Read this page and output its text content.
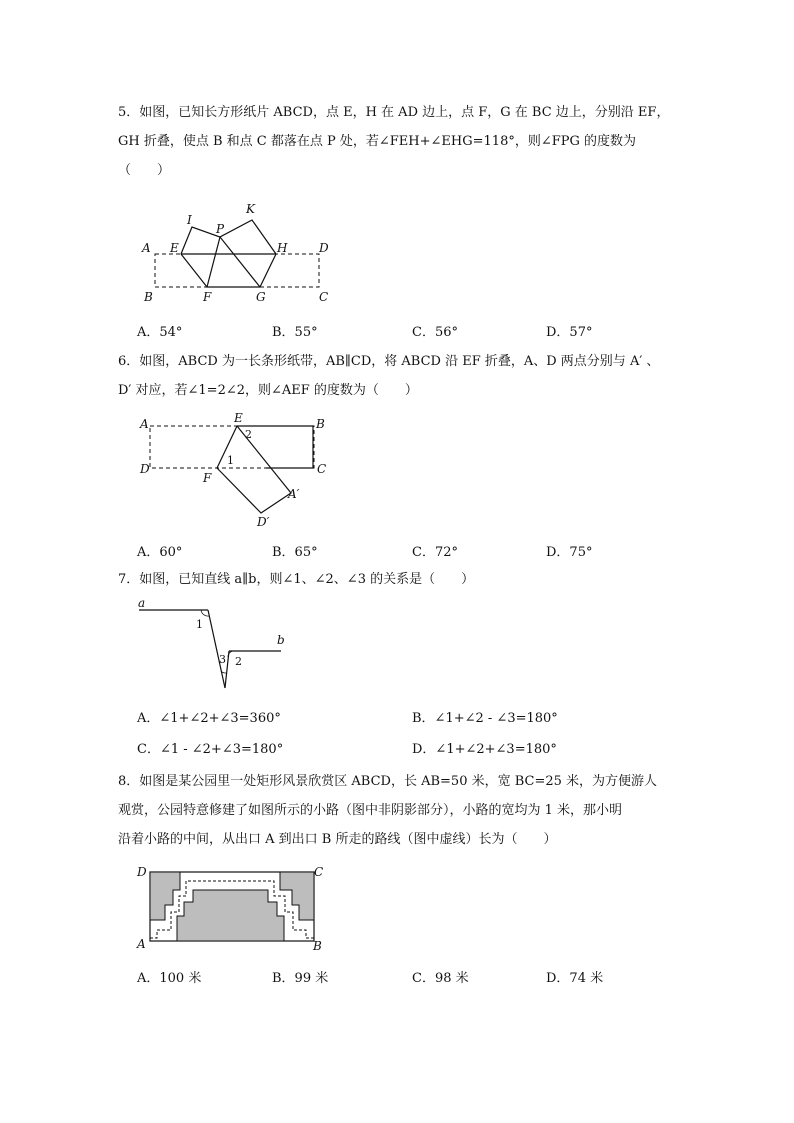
5．如图，已知长方形纸片 ABCD，点 E，H 在 AD 边上，点 F，G 在 BC 边上，分别沿 EF，
GH 折叠，使点 B 和点 C 都落在点 P 处，若∠FEH+∠EHG=118°，则∠FPG 的度数为
（　　）
I
K
P
A E	H	D
B	F	G	C
A．54°	B．55°	C．56°	D．57°
6．如图，ABCD 为一长条形纸带，AB∥CD，将 ABCD 沿 EF 折叠，A、D 两点分别与 A′ 、
D′ 对应，若∠1=2∠2，则∠AEF 的度数为（　　）
A	E
2
B
D
1
C
F
A′
D′
A．60°	B．65°	C．72°	D．75°
7．如图，已知直线 a∥b，则∠1、∠2、∠3 的关系是（　　）
a
1
b
3 2
A．∠1+∠2+∠3=360°	B．∠1+∠2 - ∠3=180°
C．∠1 - ∠2+∠3=180°	D．∠1+∠2+∠3=180°
8．如图是某公园里一处矩形风景欣赏区 ABCD，长 AB=50 米，宽 BC=25 米，为方便游人
观赏，公园特意修建了如图所示的小路（图中非阴影部分），小路的宽均为 1 米，那小明
沿着小路的中间，从出口 A 到出口 B 所走的路线（图中虚线）长为（　　）
D	C
A	B
A．100 米	B．99 米	C．98 米	D．74 米
